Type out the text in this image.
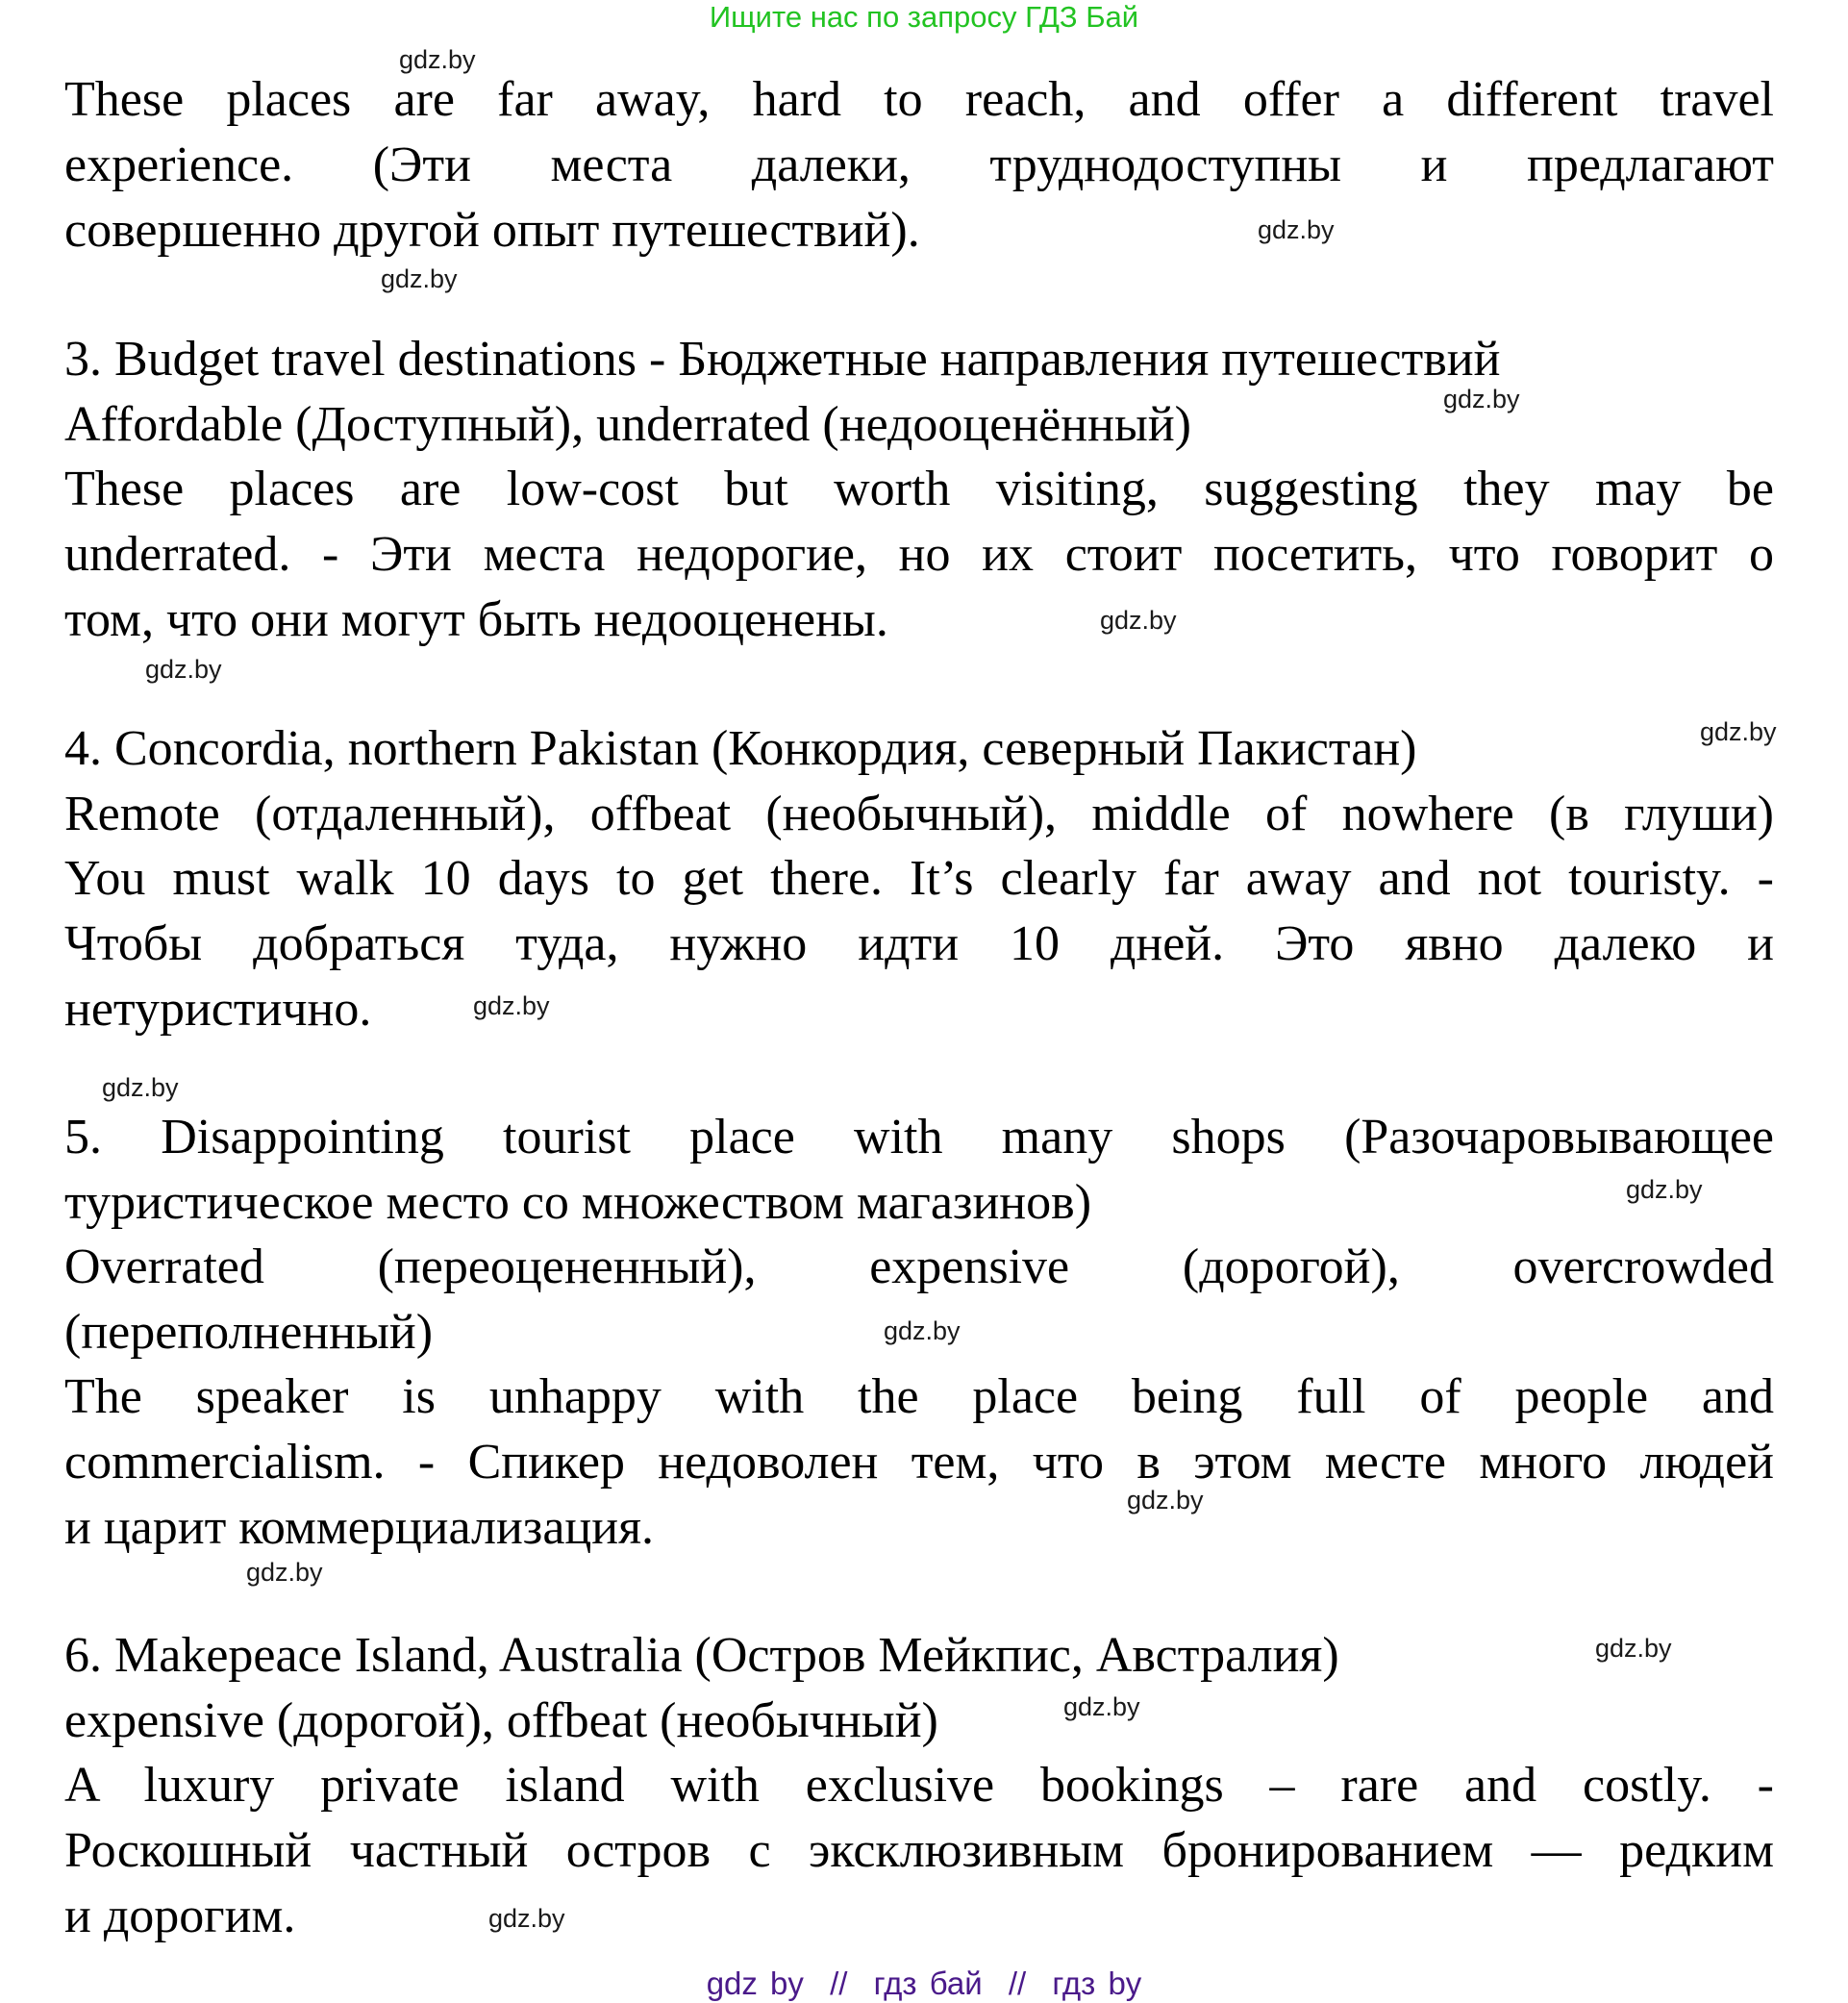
Ищите нас по запросу ГДЗ Бай
These places are far away, hard to reach, and offer a different travel
experience. (Эти места далеки, труднодоступны и предлагают
совершенно другой опыт путешествий).
3. Budget travel destinations - Бюджетные направления путешествий
Affordable (Доступный), underrated (недооценённый)
These places are low-cost but worth visiting, suggesting they may be
underrated. - Эти места недорогие, но их стоит посетить, что говорит о
том, что они могут быть недооценены.
4. Concordia, northern Pakistan (Конкордия, северный Пакистан)
Remote (отдаленный), offbeat (необычный), middle of nowhere (в глуши)
You must walk 10 days to get there. It’s clearly far away and not touristy. -
Чтобы добраться туда, нужно идти 10 дней. Это явно далеко и
нетуристично.
5. Disappointing tourist place with many shops (Разочаровывающее
туристическое место со множеством магазинов)
Overrated (переоцененный), expensive (дорогой), overcrowded
(переполненный)
The speaker is unhappy with the place being full of people and
commercialism. - Спикер недоволен тем, что в этом месте много людей
и царит коммерциализация.
6. Makepeace Island, Australia (Остров Мейкпис, Австралия)
expensive (дорогой), offbeat (необычный)
A luxury private island with exclusive bookings – rare and costly. -
Роскошный частный остров с эксклюзивным бронированием — редким
и дорогим.
gdz.by
gdz.by
gdz.by
gdz.by
gdz.by
gdz.by
gdz.by
gdz.by
gdz.by
gdz.by
gdz.by
gdz.by
gdz.by
gdz.by
gdz.by
gdz.by
gdz by // гдз бай // гдз by
